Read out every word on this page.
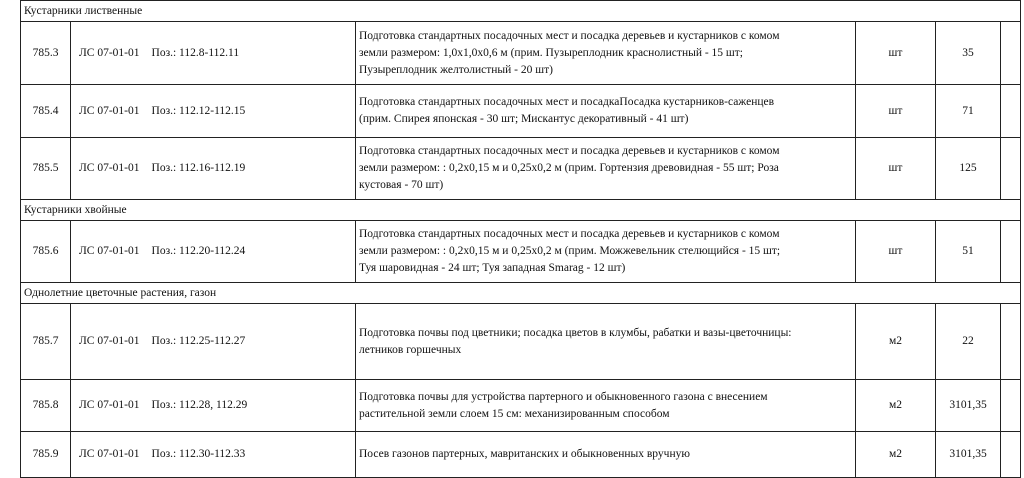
Кустарники лиственные					
785.3	ЛС 07-01-01 Поз.: 112.8-112.11	Подготовка стандартных посадочных мест и посадка деревьев и кустарников с комом
земли размером: 1,0х1,0х0,6 м (прим. Пузыреплодник краснолистный - 15 шт;
Пузыреплодник желтолистный - 20 шт)	шт	35	
785.4	ЛС 07-01-01 Поз.: 112.12-112.15	Подготовка стандартных посадочных мест и посадкаПосадка кустарников-саженцев
(прим. Спирея японская - 30 шт; Мискантус декоративный - 41 шт)	шт	71	
785.5	ЛС 07-01-01 Поз.: 112.16-112.19	Подготовка стандартных посадочных мест и посадка деревьев и кустарников с комом
земли размером: : 0,2х0,15 м и 0,25х0,2 м (прим. Гортензия древовидная - 55 шт; Роза
кустовая - 70 шт)	шт	125	
Кустарники хвойные					
785.6	ЛС 07-01-01 Поз.: 112.20-112.24	Подготовка стандартных посадочных мест и посадка деревьев и кустарников с комом
земли размером: : 0,2х0,15 м и 0,25х0,2 м (прим. Можжевельник стелющийся - 15 шт;
Туя шаровидная - 24 шт; Туя западная Smarag - 12 шт)	шт	51	
Однолетние цветочные растения, газон					
785.7	ЛС 07-01-01 Поз.: 112.25-112.27	Подготовка почвы под цветники; посадка цветов в клумбы, рабатки и вазы-цветочницы:
летников горшечных	м2	22	
785.8	ЛС 07-01-01 Поз.: 112.28, 112.29	Подготовка почвы для устройства партерного и обыкновенного газона с внесением
растительной земли слоем 15 см: механизированным способом	м2	3101,35	
785.9	ЛС 07-01-01 Поз.: 112.30-112.33	Посев газонов партерных, мавританских и обыкновенных вручную	м2	3101,35	
